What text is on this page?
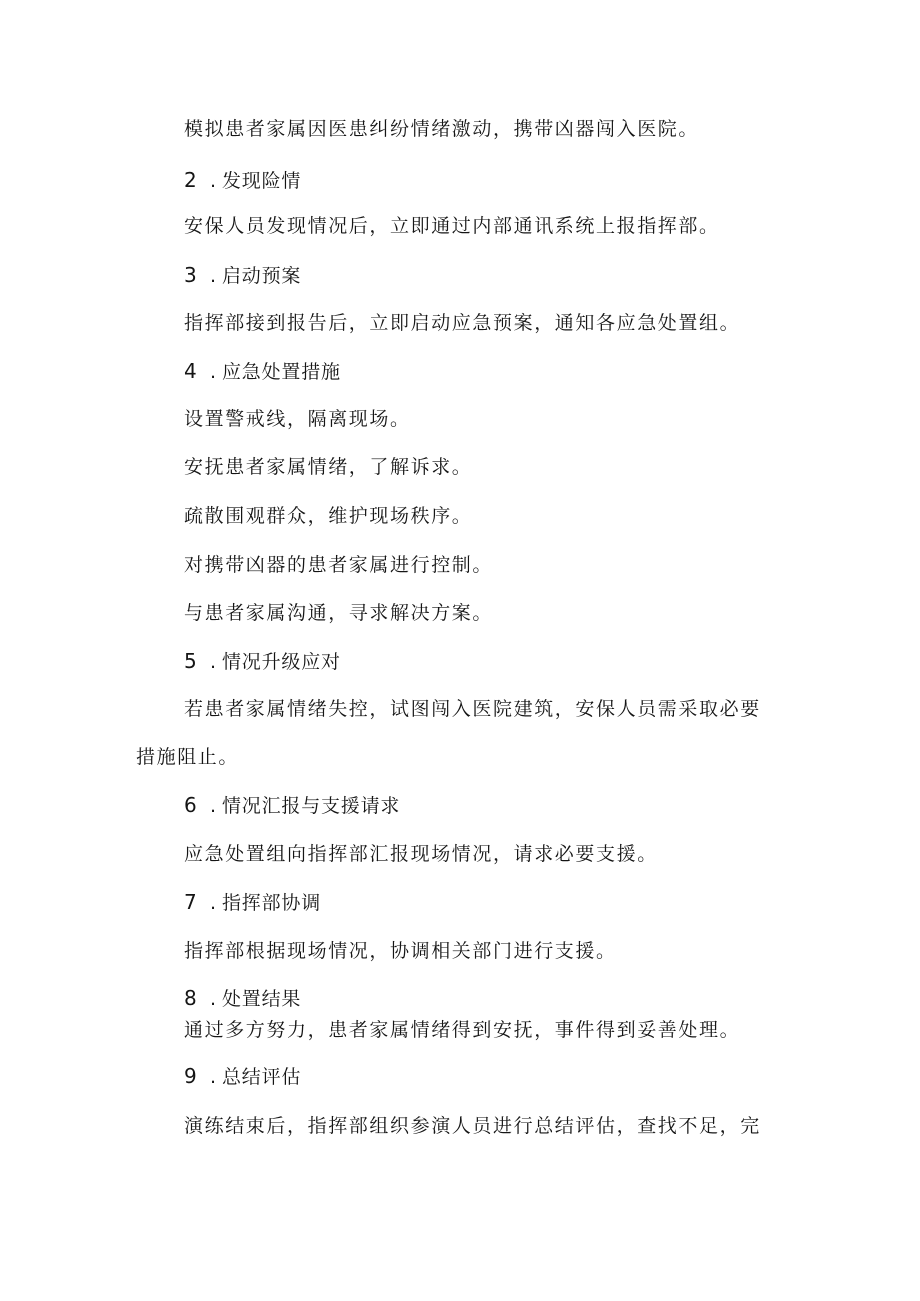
模拟患者家属因医患纠纷情绪激动，携带凶器闯入医院。
2 . 发现险情
安保人员发现情况后，立即通过内部通讯系统上报指挥部。
3 . 启动预案
指挥部接到报告后，立即启动应急预案，通知各应急处置组。
4 . 应急处置措施
设置警戒线，隔离现场。
安抚患者家属情绪，了解诉求。
疏散围观群众，维护现场秩序。
对携带凶器的患者家属进行控制。
与患者家属沟通，寻求解决方案。
5 . 情况升级应对
若患者家属情绪失控，试图闯入医院建筑，安保人员需采取必要
措施阻止。
6 . 情况汇报与支援请求
应急处置组向指挥部汇报现场情况，请求必要支援。
7 . 指挥部协调
指挥部根据现场情况，协调相关部门进行支援。
8 . 处置结果
通过多方努力，患者家属情绪得到安抚，事件得到妥善处理。
9 . 总结评估
演练结束后，指挥部组织参演人员进行总结评估，查找不足，完
